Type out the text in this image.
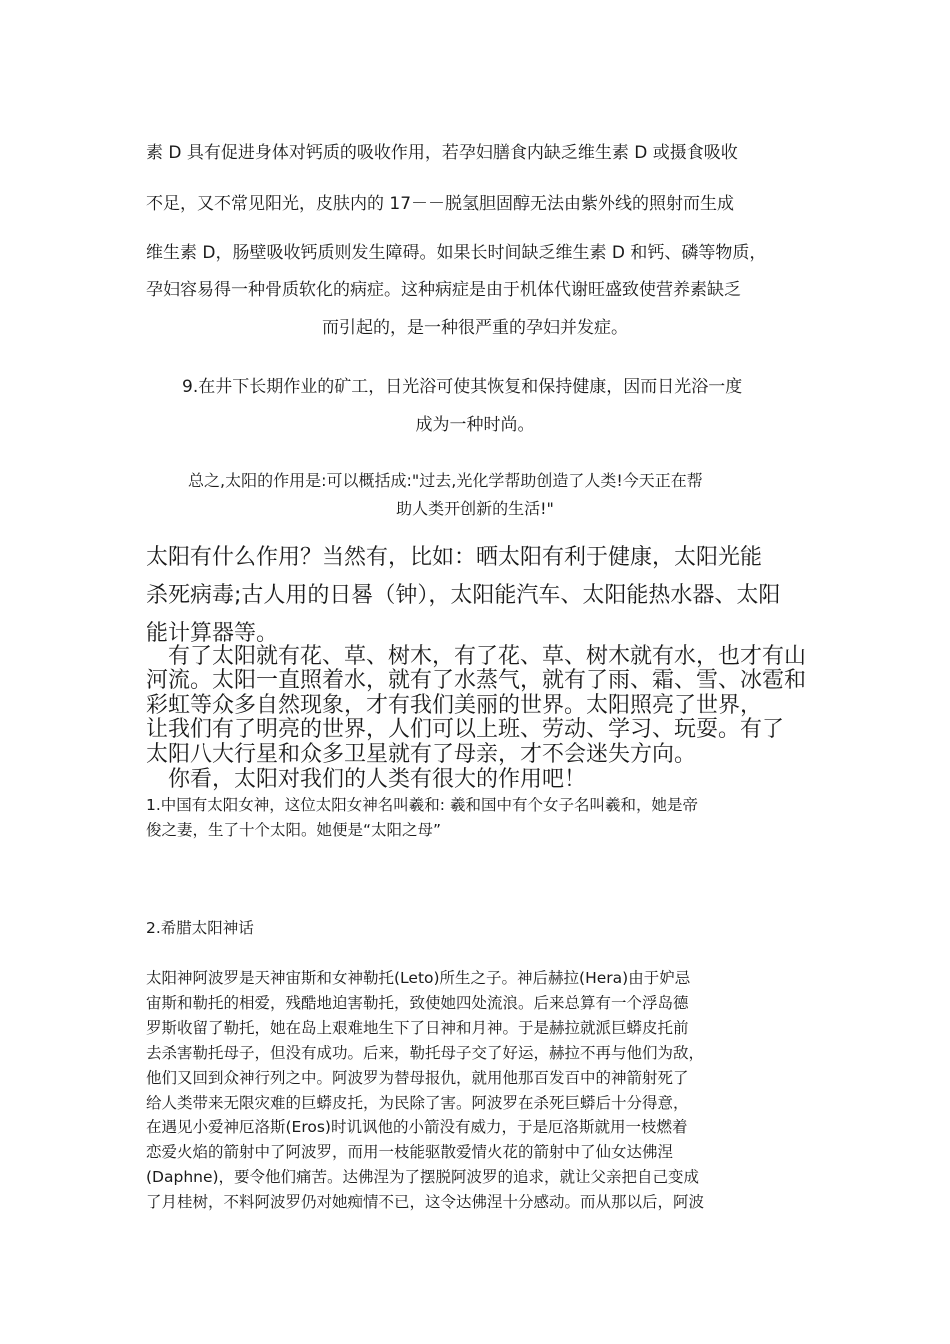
素 D 具有促进身体对钙质的吸收作用，若孕妇膳食内缺乏维生素 D 或摄食吸收
不足，又不常见阳光，皮肤内的 17－－脱氢胆固醇无法由紫外线的照射而生成
维生素 D，肠壁吸收钙质则发生障碍。如果长时间缺乏维生素 D 和钙、磷等物质，
孕妇容易得一种骨质软化的病症。这种病症是由于机体代谢旺盛致使营养素缺乏
而引起的，是一种很严重的孕妇并发症。
9.在井下长期作业的矿工，日光浴可使其恢复和保持健康，因而日光浴一度
成为一种时尚。
总之,太阳的作用是:可以概括成:"过去,光化学帮助创造了人类!今天正在帮
助人类开创新的生活!"
太阳有什么作用？当然有，比如：晒太阳有利于健康，太阳光能
杀死病毒;古人用的日晷（钟），太阳能汽车、太阳能热水器、太阳
能计算器等。
　有了太阳就有花、草、树木，有了花、草、树木就有水，也才有山
河流。太阳一直照着水，就有了水蒸气，就有了雨、霜、雪、冰雹和
彩虹等众多自然现象，才有我们美丽的世界。太阳照亮了世界，
让我们有了明亮的世界，人们可以上班、劳动、学习、玩耍。有了
太阳八大行星和众多卫星就有了母亲，才不会迷失方向。
　你看，太阳对我们的人类有很大的作用吧！
1.中国有太阳女神，这位太阳女神名叫羲和: 羲和国中有个女子名叫羲和，她是帝
俊之妻，生了十个太阳。她便是“太阳之母”
2.希腊太阳神话
太阳神阿波罗是天神宙斯和女神勒托(Leto)所生之子。神后赫拉(Hera)由于妒忌
宙斯和勒托的相爱，残酷地迫害勒托，致使她四处流浪。后来总算有一个浮岛德
罗斯收留了勒托，她在岛上艰难地生下了日神和月神。于是赫拉就派巨蟒皮托前
去杀害勒托母子，但没有成功。后来，勒托母子交了好运，赫拉不再与他们为敌，
他们又回到众神行列之中。阿波罗为替母报仇，就用他那百发百中的神箭射死了
给人类带来无限灾难的巨蟒皮托，为民除了害。阿波罗在杀死巨蟒后十分得意，
在遇见小爱神厄洛斯(Eros)时讥讽他的小箭没有威力，于是厄洛斯就用一枝燃着
恋爱火焰的箭射中了阿波罗，而用一枝能驱散爱情火花的箭射中了仙女达佛涅
(Daphne)，要令他们痛苦。达佛涅为了摆脱阿波罗的追求，就让父亲把自己变成
了月桂树，不料阿波罗仍对她痴情不已，这令达佛涅十分感动。而从那以后，阿波
